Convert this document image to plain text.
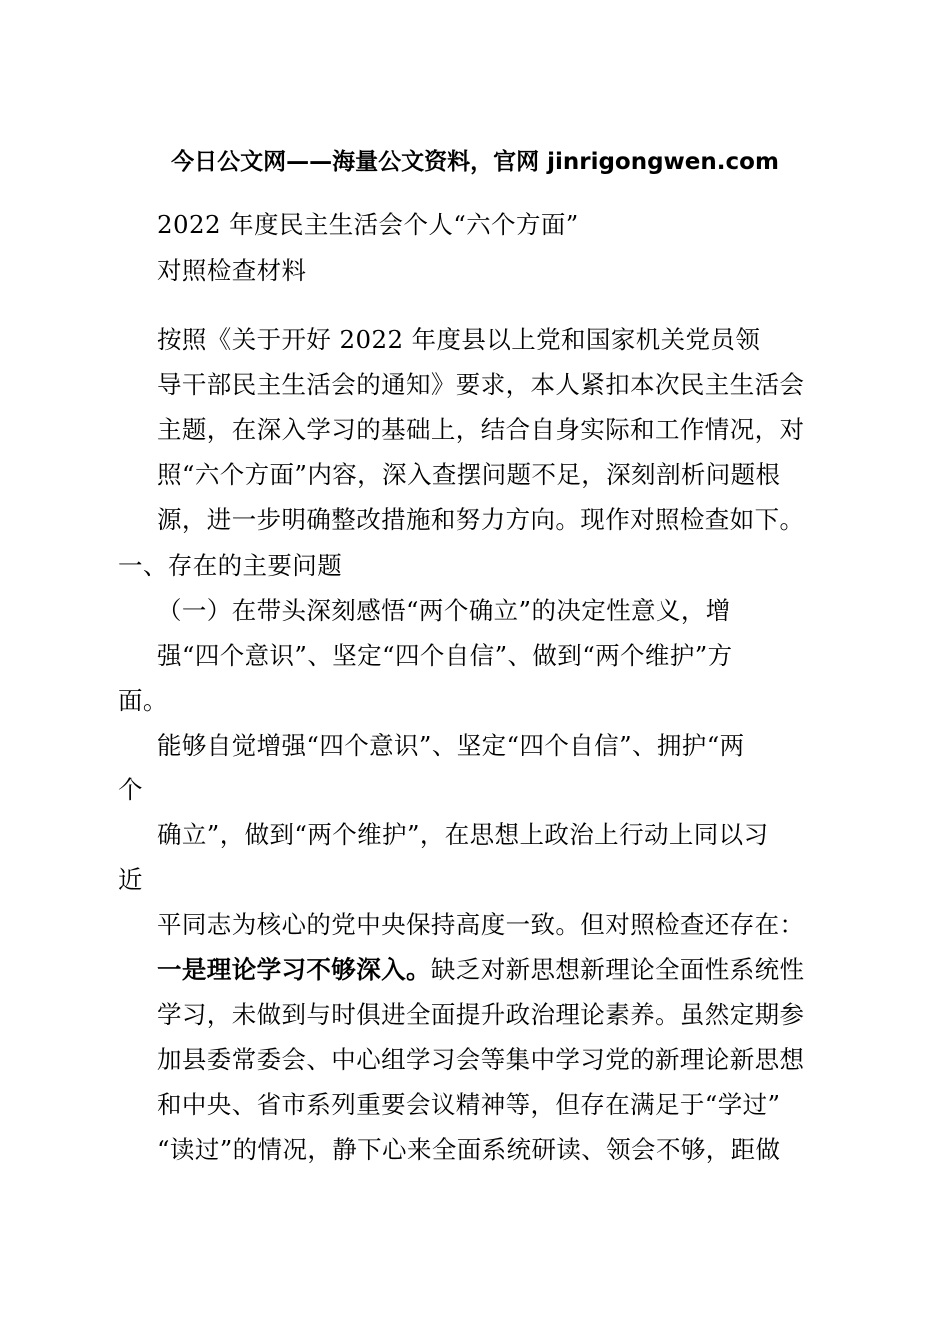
今日公文网——海量公文资料，官网 jinrigongwen.com
2022 年度民主生活会个人“六个方面”
对照检查材料
按照《关于开好 2022 年度县以上党和国家机关党员领
导干部民主生活会的通知》要求，本人紧扣本次民主生活会
主题，在深入学习的基础上，结合自身实际和工作情况，对
照“六个方面”内容，深入查摆问题不足，深刻剖析问题根
源，进一步明确整改措施和努力方向。现作对照检查如下。
一、存在的主要问题
（一）在带头深刻感悟“两个确立”的决定性意义，增
强“四个意识”、坚定“四个自信”、做到“两个维护”方
面。
能够自觉增强“四个意识”、坚定“四个自信”、拥护“两
个
确立”，做到“两个维护”，在思想上政治上行动上同以习
近
平同志为核心的党中央保持高度一致。但对照检查还存在：
一是理论学习不够深入。缺乏对新思想新理论全面性系统性
学习，未做到与时俱进全面提升政治理论素养。虽然定期参
加县委常委会、中心组学习会等集中学习党的新理论新思想
和中央、省市系列重要会议精神等，但存在满足于“学过”
“读过”的情况，静下心来全面系统研读、领会不够，距做
